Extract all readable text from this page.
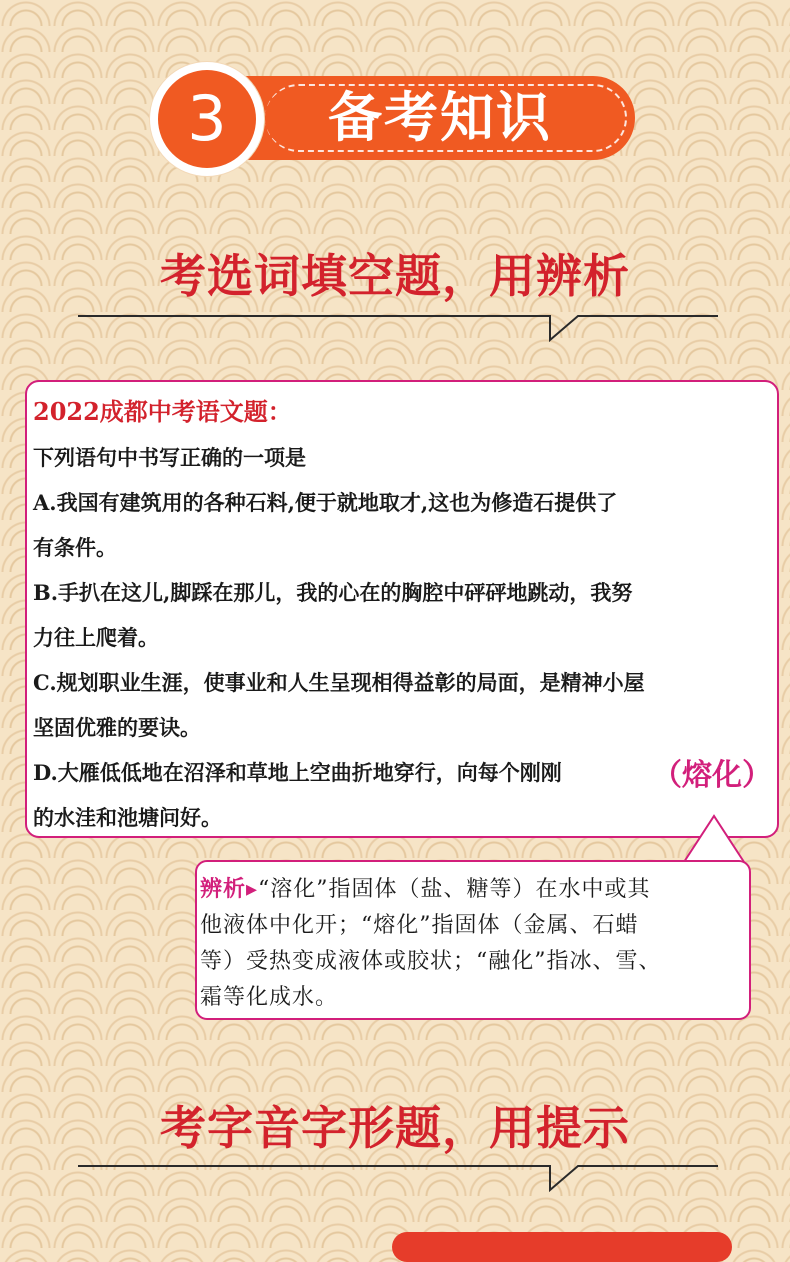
3	备考知识
考选词填空题，用辨析
2022成都中考语文题：
下列语句中书写正确的一项是
A.我国有建筑用的各种石料,便于就地取才,这也为修造石提供了
有条件。
B.手扒在这儿,脚踩在那儿，我的心在的胸腔中砰砰地跳动，我努
力往上爬着。
C.规划职业生涯，使事业和人生呈现相得益彰的局面，是精神小屋
坚固优雅的要诀。
D.大雁低低地在沼泽和草地上空曲折地穿行，向每个刚刚
的水洼和池塘问好。
（熔化）
辨析▸“溶化”指固体（盐、糖等）在水中或其
他液体中化开；“熔化”指固体（金属、石蜡
等）受热变成液体或胶状；“融化”指冰、雪、
霜等化成水。
考字音字形题，用提示
